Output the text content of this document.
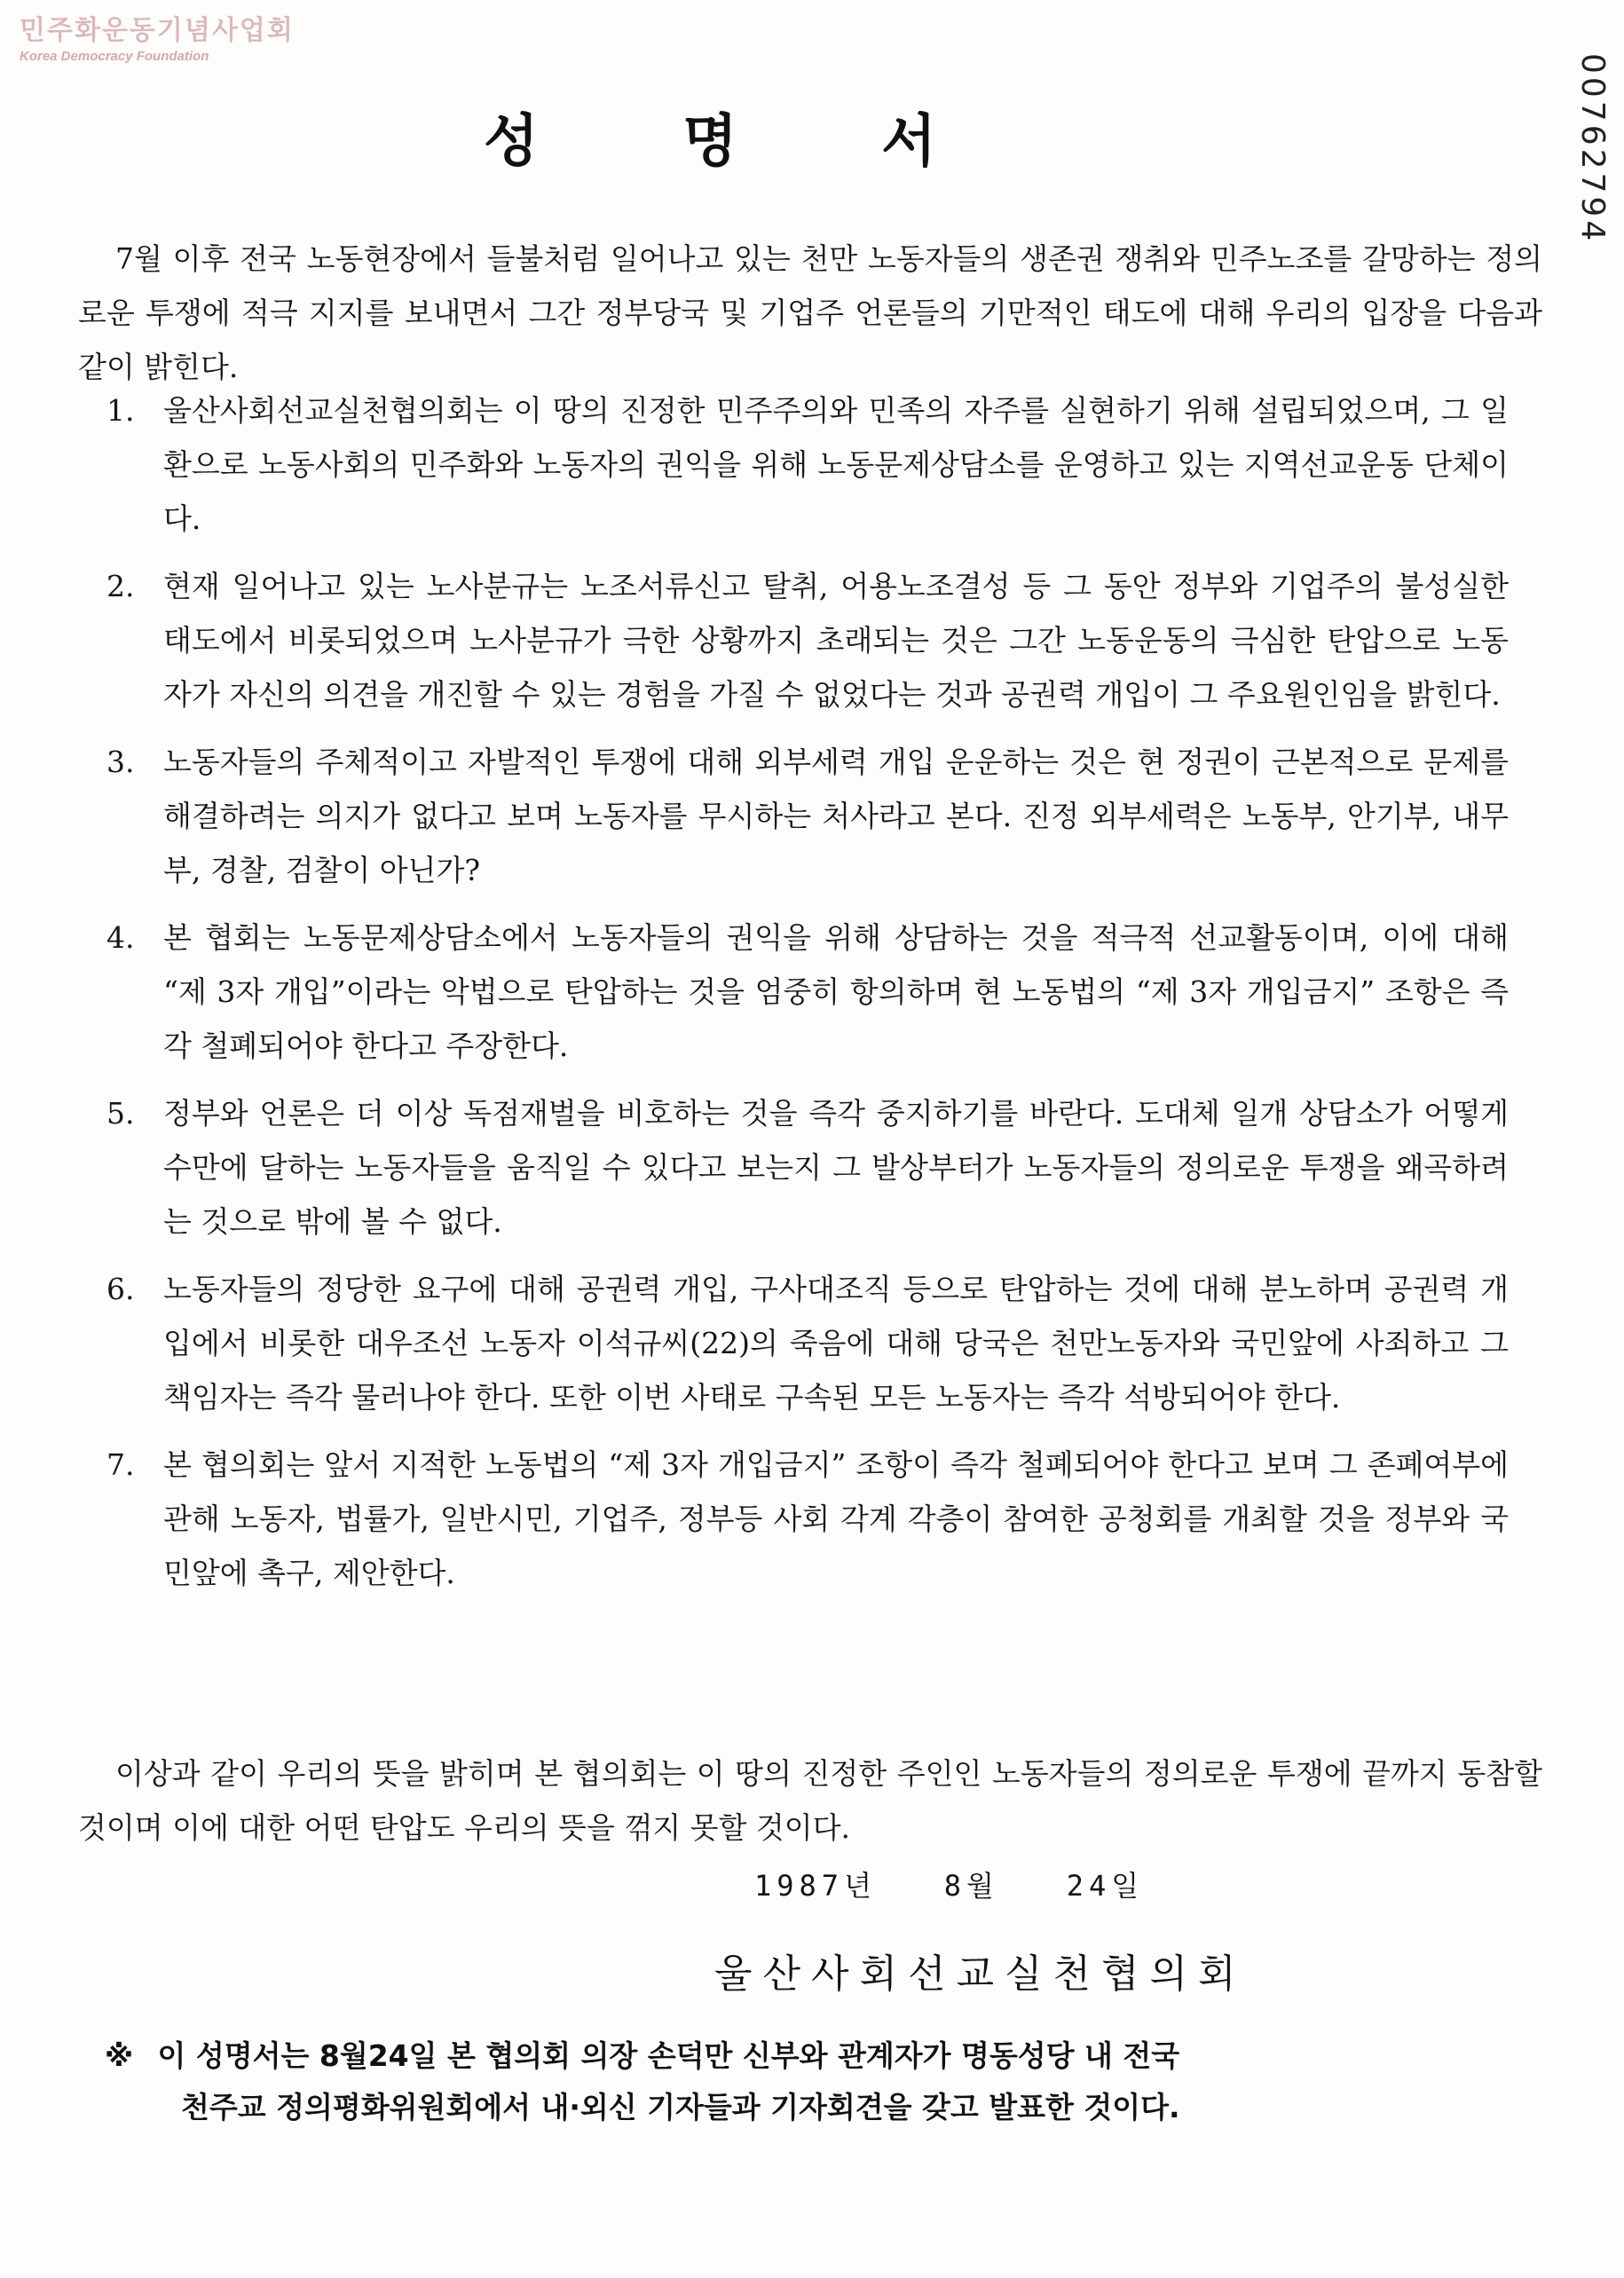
민주화운동기념사업회
Korea Democracy Foundation	00762794
성 명 서

7월 이후 전국 노동현장에서 들불처럼 일어나고 있는 천만 노동자들의 생존권 쟁취와 민주노조를 갈망하는 정의로운 투쟁에 적극 지지를 보내면서 그간 정부당국 및 기업주 언론들의 기만적인 태도에 대해 우리의 입장을 다음과 같이 밝힌다.

1. 울산사회선교실천협의회는 이 땅의 진정한 민주주의와 민족의 자주를 실현하기 위해 설립되었으며, 그 일환으로 노동사회의 민주화와 노동자의 권익을 위해 노동문제상담소를 운영하고 있는 지역선교운동 단체이다.
2. 현재 일어나고 있는 노사분규는 노조서류신고 탈취, 어용노조결성 등 그 동안 정부와 기업주의 불성실한 태도에서 비롯되었으며 노사분규가 극한 상황까지 초래되는 것은 그간 노동운동의 극심한 탄압으로 노동자가 자신의 의견을 개진할 수 있는 경험을 가질 수 없었다는 것과 공권력 개입이 그 주요원인임을 밝힌다.
3. 노동자들의 주체적이고 자발적인 투쟁에 대해 외부세력 개입 운운하는 것은 현 정권이 근본적으로 문제를 해결하려는 의지가 없다고 보며 노동자를 무시하는 처사라고 본다. 진정 외부세력은 노동부, 안기부, 내무부, 경찰, 검찰이 아닌가?
4. 본 협회는 노동문제상담소에서 노동자들의 권익을 위해 상담하는 것을 적극적 선교활동이며, 이에 대해 “제 3자 개입”이라는 악법으로 탄압하는 것을 엄중히 항의하며 현 노동법의 “제 3자 개입금지” 조항은 즉각 철폐되어야 한다고 주장한다.
5. 정부와 언론은 더 이상 독점재벌을 비호하는 것을 즉각 중지하기를 바란다. 도대체 일개 상담소가 어떻게 수만에 달하는 노동자들을 움직일 수 있다고 보는지 그 발상부터가 노동자들의 정의로운 투쟁을 왜곡하려는 것으로 밖에 볼 수 없다.
6. 노동자들의 정당한 요구에 대해 공권력 개입, 구사대조직 등으로 탄압하는 것에 대해 분노하며 공권력 개입에서 비롯한 대우조선 노동자 이석규씨(22)의 죽음에 대해 당국은 천만노동자와 국민앞에 사죄하고 그 책임자는 즉각 물러나야 한다. 또한 이번 사태로 구속된 모든 노동자는 즉각 석방되어야 한다.
7. 본 협의회는 앞서 지적한 노동법의 “제 3자 개입금지” 조항이 즉각 철폐되어야 한다고 보며 그 존폐여부에 관해 노동자, 법률가, 일반시민, 기업주, 정부등 사회 각계 각층이 참여한 공청회를 개최할 것을 정부와 국민앞에 촉구, 제안한다.

이상과 같이 우리의 뜻을 밝히며 본 협의회는 이 땅의 진정한 주인인 노동자들의 정의로운 투쟁에 끝까지 동참할 것이며 이에 대한 어떤 탄압도 우리의 뜻을 꺾지 못할 것이다.

1987년   8월   24일
울산사회선교실천협의회
※ 이 성명서는 8월24일 본 협의회 의장 손덕만 신부와 관계자가 명동성당 내 전국
천주교 정의평화위원회에서 내·외신 기자들과 기자회견을 갖고 발표한 것이다.
